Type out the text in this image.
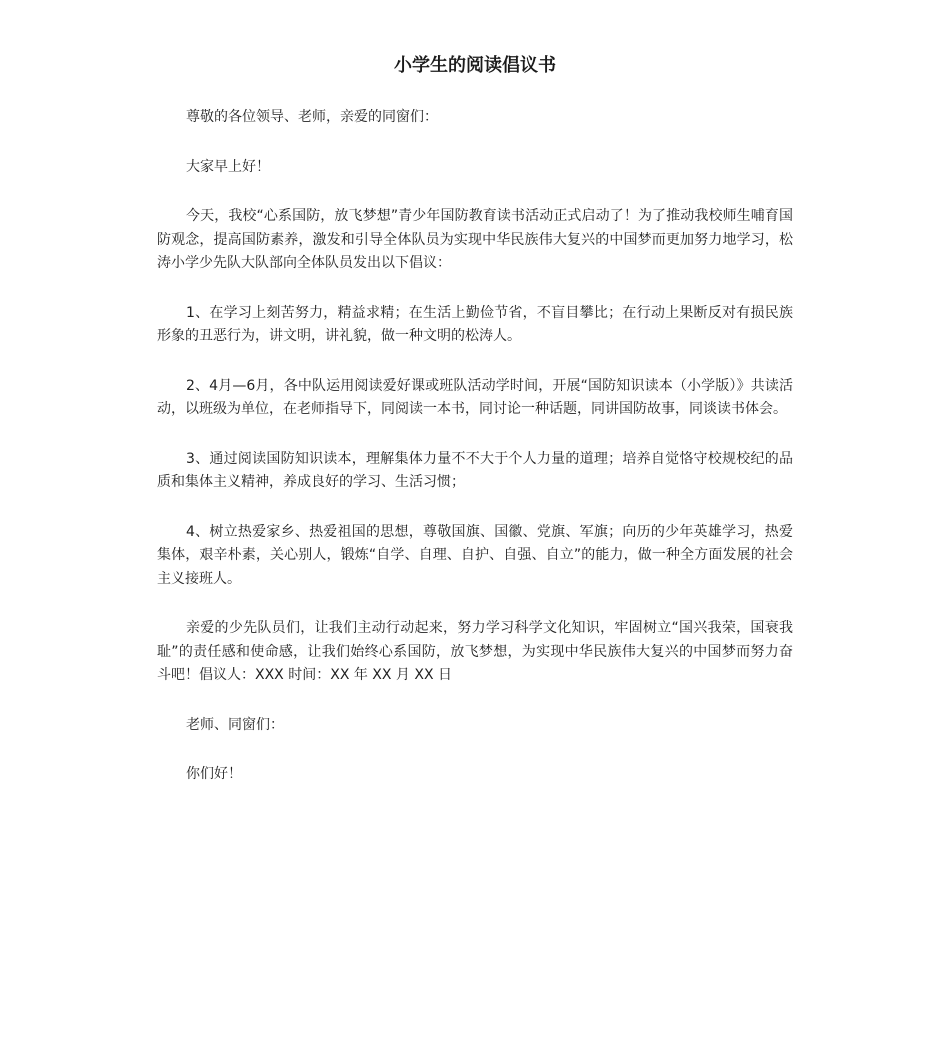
小学生的阅读倡议书

尊敬的各位领导、老师，亲爱的同窗们：

大家早上好！

今天，我校“心系国防，放飞梦想”青少年国防教育读书活动正式启动了！为了推动我校师生哺育国防观念，提高国防素养，激发和引导全体队员为实现中华民族伟大复兴的中国梦而更加努力地学习，松涛小学少先队大队部向全体队员发出以下倡议：

1、在学习上刻苦努力，精益求精；在生活上勤俭节省，不盲目攀比；在行动上果断反对有损民族形象的丑恶行为，讲文明，讲礼貌，做一种文明的松涛人。

2、4月—6月，各中队运用阅读爱好课或班队活动学时间，开展“国防知识读本（小学版）》共读活动，以班级为单位，在老师指导下，同阅读一本书，同讨论一种话题，同讲国防故事，同谈读书体会。

3、通过阅读国防知识读本，理解集体力量不不大于个人力量的道理；培养自觉恪守校规校纪的品质和集体主义精神，养成良好的学习、生活习惯；

4、树立热爱家乡、热爱祖国的思想，尊敬国旗、国徽、党旗、军旗；向历的少年英雄学习，热爱集体，艰辛朴素，关心别人，锻炼“自学、自理、自护、自强、自立”的能力，做一种全方面发展的社会主义接班人。

亲爱的少先队员们，让我们主动行动起来，努力学习科学文化知识，牢固树立“国兴我荣，国衰我耻”的责任感和使命感，让我们始终心系国防，放飞梦想，为实现中华民族伟大复兴的中国梦而努力奋斗吧！倡议人：XXX 时间：XX 年 XX 月 XX 日

老师、同窗们：

你们好！
